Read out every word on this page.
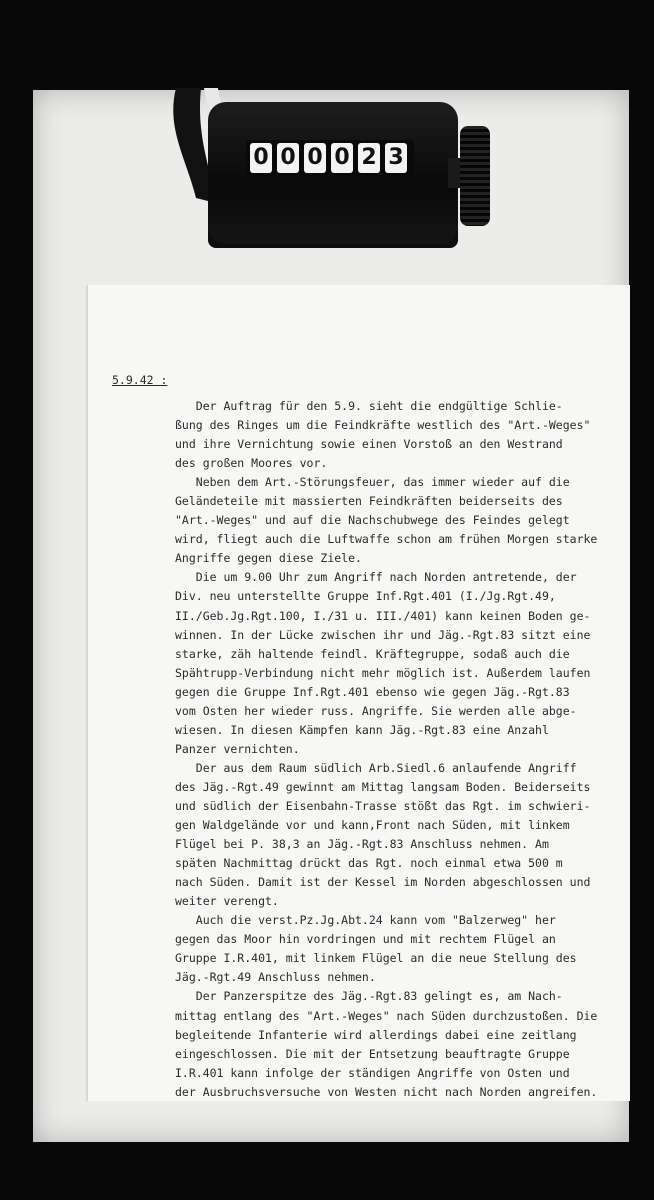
0 0 0 0 2 3
5.9.42 :
Der Auftrag für den 5.9. sieht die endgültige Schlie-
ßung des Ringes um die Feindkräfte westlich des "Art.-Weges"
und ihre Vernichtung sowie einen Vorstoß an den Westrand
des großen Moores vor.
Neben dem Art.-Störungsfeuer, das immer wieder auf die
Geländeteile mit massierten Feindkräften beiderseits des
"Art.-Weges" und auf die Nachschubwege des Feindes gelegt
wird, fliegt auch die Luftwaffe schon am frühen Morgen starke
Angriffe gegen diese Ziele.
Die um 9.00 Uhr zum Angriff nach Norden antretende, der
Div. neu unterstellte Gruppe Inf.Rgt.401 (I./Jg.Rgt.49,
II./Geb.Jg.Rgt.100, I./31 u. III./401) kann keinen Boden ge-
winnen. In der Lücke zwischen ihr und Jäg.-Rgt.83 sitzt eine
starke, zäh haltende feindl. Kräftegruppe, sodaß auch die
Spähtrupp-Verbindung nicht mehr möglich ist. Außerdem laufen
gegen die Gruppe Inf.Rgt.401 ebenso wie gegen Jäg.-Rgt.83
vom Osten her wieder russ. Angriffe. Sie werden alle abge-
wiesen. In diesen Kämpfen kann Jäg.-Rgt.83 eine Anzahl
Panzer vernichten.
Der aus dem Raum südlich Arb.Siedl.6 anlaufende Angriff
des Jäg.-Rgt.49 gewinnt am Mittag langsam Boden. Beiderseits
und südlich der Eisenbahn-Trasse stößt das Rgt. im schwieri-
gen Waldgelände vor und kann,Front nach Süden, mit linkem
Flügel bei P. 38,3 an Jäg.-Rgt.83 Anschluss nehmen. Am
späten Nachmittag drückt das Rgt. noch einmal etwa 500 m
nach Süden. Damit ist der Kessel im Norden abgeschlossen und
weiter verengt.
Auch die verst.Pz.Jg.Abt.24 kann vom "Balzerweg" her
gegen das Moor hin vordringen und mit rechtem Flügel an
Gruppe I.R.401, mit linkem Flügel an die neue Stellung des
Jäg.-Rgt.49 Anschluss nehmen.
Der Panzerspitze des Jäg.-Rgt.83 gelingt es, am Nach-
mittag entlang des "Art.-Weges" nach Süden durchzustoßen. Die
begleitende Infanterie wird allerdings dabei eine zeitlang
eingeschlossen. Die mit der Entsetzung beauftragte Gruppe
I.R.401 kann infolge der ständigen Angriffe von Osten und
der Ausbruchsversuche von Westen nicht nach Norden angreifen.
